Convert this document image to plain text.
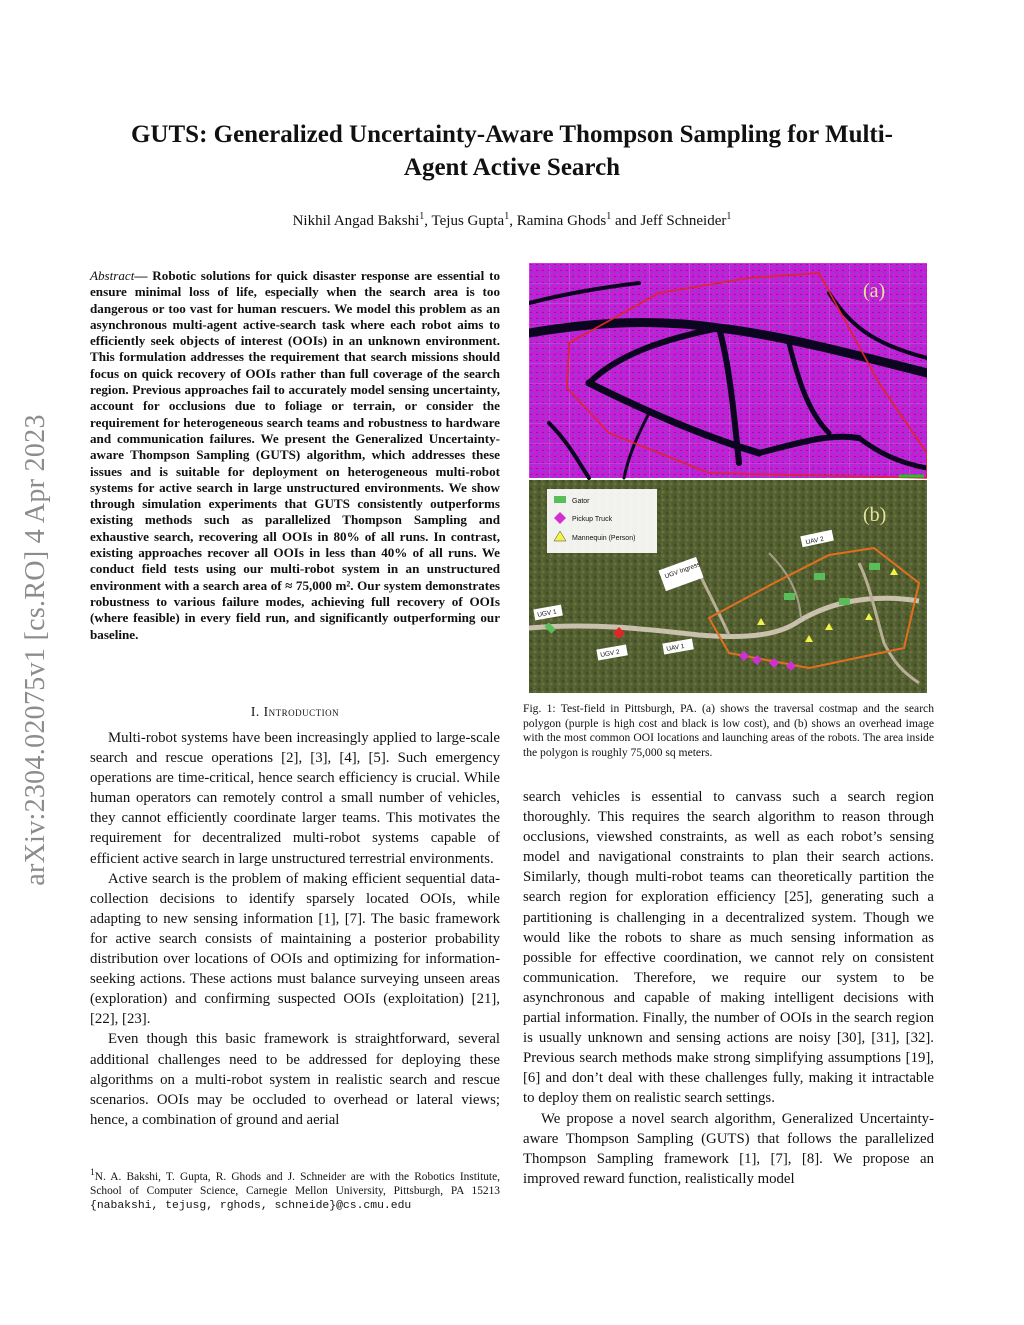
arXiv:2304.02075v1 [cs.RO] 4 Apr 2023
GUTS: Generalized Uncertainty-Aware Thompson Sampling for Multi-Agent Active Search
Nikhil Angad Bakshi$^1$, Tejus Gupta$^1$, Ramina Ghods$^1$ and Jeff Schneider$^1$
Abstract— Robotic solutions for quick disaster response are essential to ensure minimal loss of life, especially when the search area is too dangerous or too vast for human rescuers. We model this problem as an asynchronous multi-agent active-search task where each robot aims to efficiently seek objects of interest (OOIs) in an unknown environment. This formulation addresses the requirement that search missions should focus on quick recovery of OOIs rather than full coverage of the search region. Previous approaches fail to accurately model sensing uncertainty, account for occlusions due to foliage or terrain, or consider the requirement for heterogeneous search teams and robustness to hardware and communication failures. We present the Generalized Uncertainty-aware Thompson Sampling (GUTS) algorithm, which addresses these issues and is suitable for deployment on heterogeneous multi-robot systems for active search in large unstructured environments. We show through simulation experiments that GUTS consistently outperforms existing methods such as parallelized Thompson Sampling and exhaustive search, recovering all OOIs in 80% of all runs. In contrast, existing approaches recover all OOIs in less than 40% of all runs. We conduct field tests using our multi-robot system in an unstructured environment with a search area of ≈ 75,000 m². Our system demonstrates robustness to various failure modes, achieving full recovery of OOIs (where feasible) in every field run, and significantly outperforming our baseline.
I. Introduction

Multi-robot systems have been increasingly applied to large-scale search and rescue operations [2], [3], [4], [5]. Such emergency operations are time-critical, hence search efficiency is crucial. While human operators can remotely control a small number of vehicles, they cannot efficiently coordinate larger teams. This motivates the requirement for decentralized multi-robot systems capable of efficient active search in large unstructured terrestrial environments.

Active search is the problem of making efficient sequential data-collection decisions to identify sparsely located OOIs, while adapting to new sensing information [1], [7]. The basic framework for active search consists of maintaining a posterior probability distribution over locations of OOIs and optimizing for information-seeking actions. These actions must balance surveying unseen areas (exploration) and confirming suspected OOIs (exploitation) [21], [22], [23].

Even though this basic framework is straightforward, several additional challenges need to be addressed for deploying these algorithms on a multi-robot system in realistic search and rescue scenarios. OOIs may be occluded to overhead or lateral views; hence, a combination of ground and aerial

$^1$N. A. Bakshi, T. Gupta, R. Ghods and J. Schneider are with the Robotics Institute, School of Computer Science, Carnegie Mellon University, Pittsburgh, PA 15213 {nabakshi, tejusg, rghods, schneide}@cs.cmu.edu
(a)
Gator
Pickup Truck
Mannequin (Person)
(b)
UAV 2
UGV Ingress
UGV 1
UGV 2
UAV 1
Fig. 1: Test-field in Pittsburgh, PA. (a) shows the traversal costmap and the search polygon (purple is high cost and black is low cost), and (b) shows an overhead image with the most common OOI locations and launching areas of the robots. The area inside the polygon is roughly 75,000 sq meters.

search vehicles is essential to canvass such a search region thoroughly. This requires the search algorithm to reason through occlusions, viewshed constraints, as well as each robot’s sensing model and navigational constraints to plan their search actions. Similarly, though multi-robot teams can theoretically partition the search region for exploration efficiency [25], generating such a partitioning is challenging in a decentralized system. Though we would like the robots to share as much sensing information as possible for effective coordination, we cannot rely on consistent communication. Therefore, we require our system to be asynchronous and capable of making intelligent decisions with partial information. Finally, the number of OOIs in the search region is usually unknown and sensing actions are noisy [30], [31], [32]. Previous search methods make strong simplifying assumptions [19], [6] and don’t deal with these challenges fully, making it intractable to deploy them on realistic search settings.

We propose a novel search algorithm, Generalized Uncertainty-aware Thompson Sampling (GUTS) that follows the parallelized Thompson Sampling framework [1], [7], [8]. We propose an improved reward function, realistically model
